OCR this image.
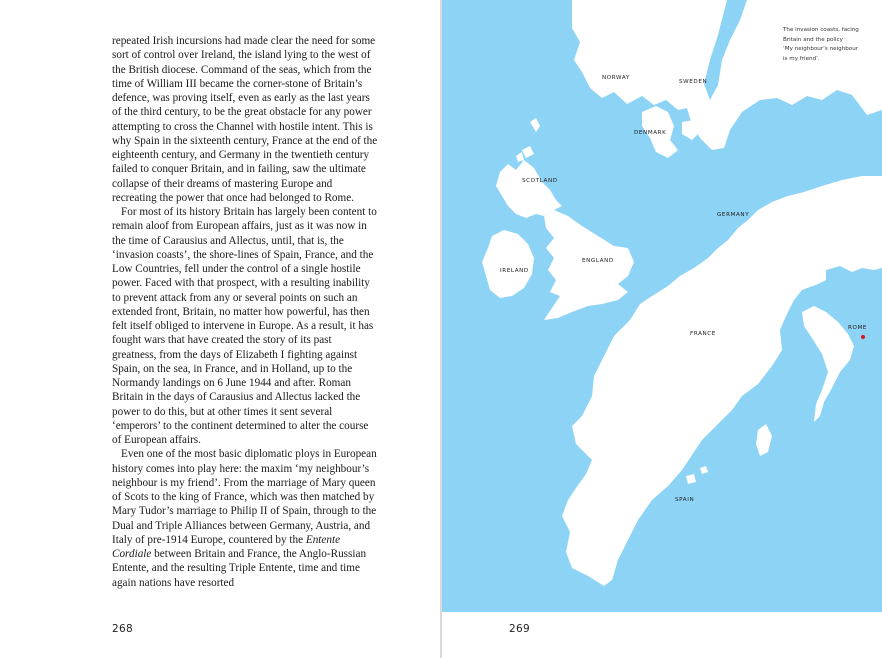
repeated Irish incursions had made clear the need for some sort of control over Ireland, the island lying to the west of the British diocese. Command of the seas, which from the time of William III became the corner-stone of Britain’s defence, was proving itself, even as early as the last years of the third century, to be the great obstacle for any power attempting to cross the Channel with hostile intent. This is why Spain in the sixteenth century, France at the end of the eighteenth century, and Germany in the twentieth century failed to conquer Britain, and in failing, saw the ultimate collapse of their dreams of mastering Europe and recreating the power that once had belonged to Rome.

For most of its history Britain has largely been content to remain aloof from European affairs, just as it was now in the time of Carausius and Allectus, until, that is, the ‘invasion coasts’, the shore-lines of Spain, France, and the Low Countries, fell under the control of a single hostile power. Faced with that prospect, with a resulting inability to prevent attack from any or several points on such an extended front, Britain, no matter how powerful, has then felt itself obliged to intervene in Europe. As a result, it has fought wars that have created the story of its past greatness, from the days of Elizabeth I fighting against Spain, on the sea, in France, and in Holland, up to the Normandy landings on 6 June 1944 and after. Roman Britain in the days of Carausius and Allectus lacked the power to do this, but at other times it sent several ‘emperors’ to the continent determined to alter the course of European affairs.

Even one of the most basic diplomatic ploys in European history comes into play here: the maxim ‘my neighbour’s neighbour is my friend’. From the marriage of Mary queen of Scots to the king of France, which was then matched by Mary Tudor’s marriage to Philip II of Spain, through to the Dual and Triple Alliances between Germany, Austria, and Italy of pre-1914 Europe, countered by the Entente Cordiale between Britain and France, the Anglo-Russian Entente, and the resulting Triple Entente, time and time again nations have resorted

268

The invasion coasts, facing

Britain and the policy

‘My neighbour’s neighbour

is my friend’.

NORWAY
SWEDEN
DENMARK
SCOTLAND
GERMANY
IRELAND
ENGLAND
FRANCE
ROME
SPAIN
269
